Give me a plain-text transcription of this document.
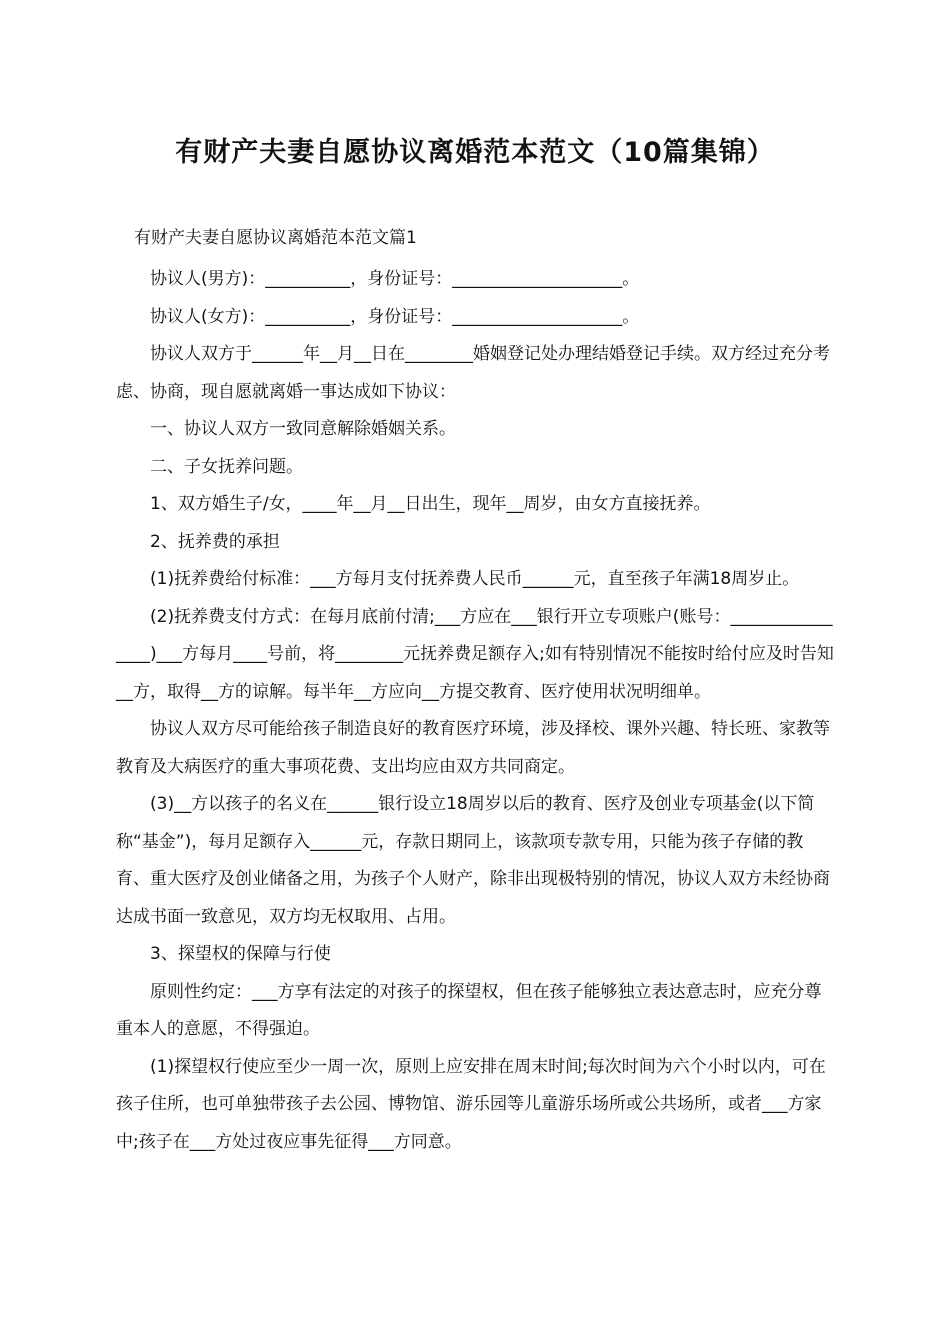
有财产夫妻自愿协议离婚范本范文（10篇集锦）
有财产夫妻自愿协议离婚范本范文篇1

协议人(男方)：__________，身份证号：____________________。

协议人(女方)：__________，身份证号：____________________。

协议人双方于______年__月__日在________婚姻登记处办理结婚登记手续。双方经过充分考虑、协商，现自愿就离婚一事达成如下协议：

一、协议人双方一致同意解除婚姻关系。

二、子女抚养问题。

1、双方婚生子/女，____年__月__日出生，现年__周岁，由女方直接抚养。

2、抚养费的承担

(1)抚养费给付标准：___方每月支付抚养费人民币______元，直至孩子年满18周岁止。

(2)抚养费支付方式：在每月底前付清;___方应在___银行开立专项账户(账号：________________)___方每月____号前，将________元抚养费足额存入;如有特别情况不能按时给付应及时告知__方，取得__方的谅解。每半年__方应向__方提交教育、医疗使用状况明细单。

协议人双方尽可能给孩子制造良好的教育医疗环境，涉及择校、课外兴趣、特长班、家教等教育及大病医疗的重大事项花费、支出均应由双方共同商定。

(3)__方以孩子的名义在______银行设立18周岁以后的教育、医疗及创业专项基金(以下简称“基金”)，每月足额存入______元，存款日期同上，该款项专款专用，只能为孩子存储的教育、重大医疗及创业储备之用，为孩子个人财产，除非出现极特别的情况，协议人双方未经协商达成书面一致意见，双方均无权取用、占用。

3、探望权的保障与行使

原则性约定：___方享有法定的对孩子的探望权，但在孩子能够独立表达意志时，应充分尊重本人的意愿，不得强迫。

(1)探望权行使应至少一周一次，原则上应安排在周末时间;每次时间为六个小时以内，可在孩子住所，也可单独带孩子去公园、博物馆、游乐园等儿童游乐场所或公共场所，或者___方家中;孩子在___方处过夜应事先征得___方同意。
